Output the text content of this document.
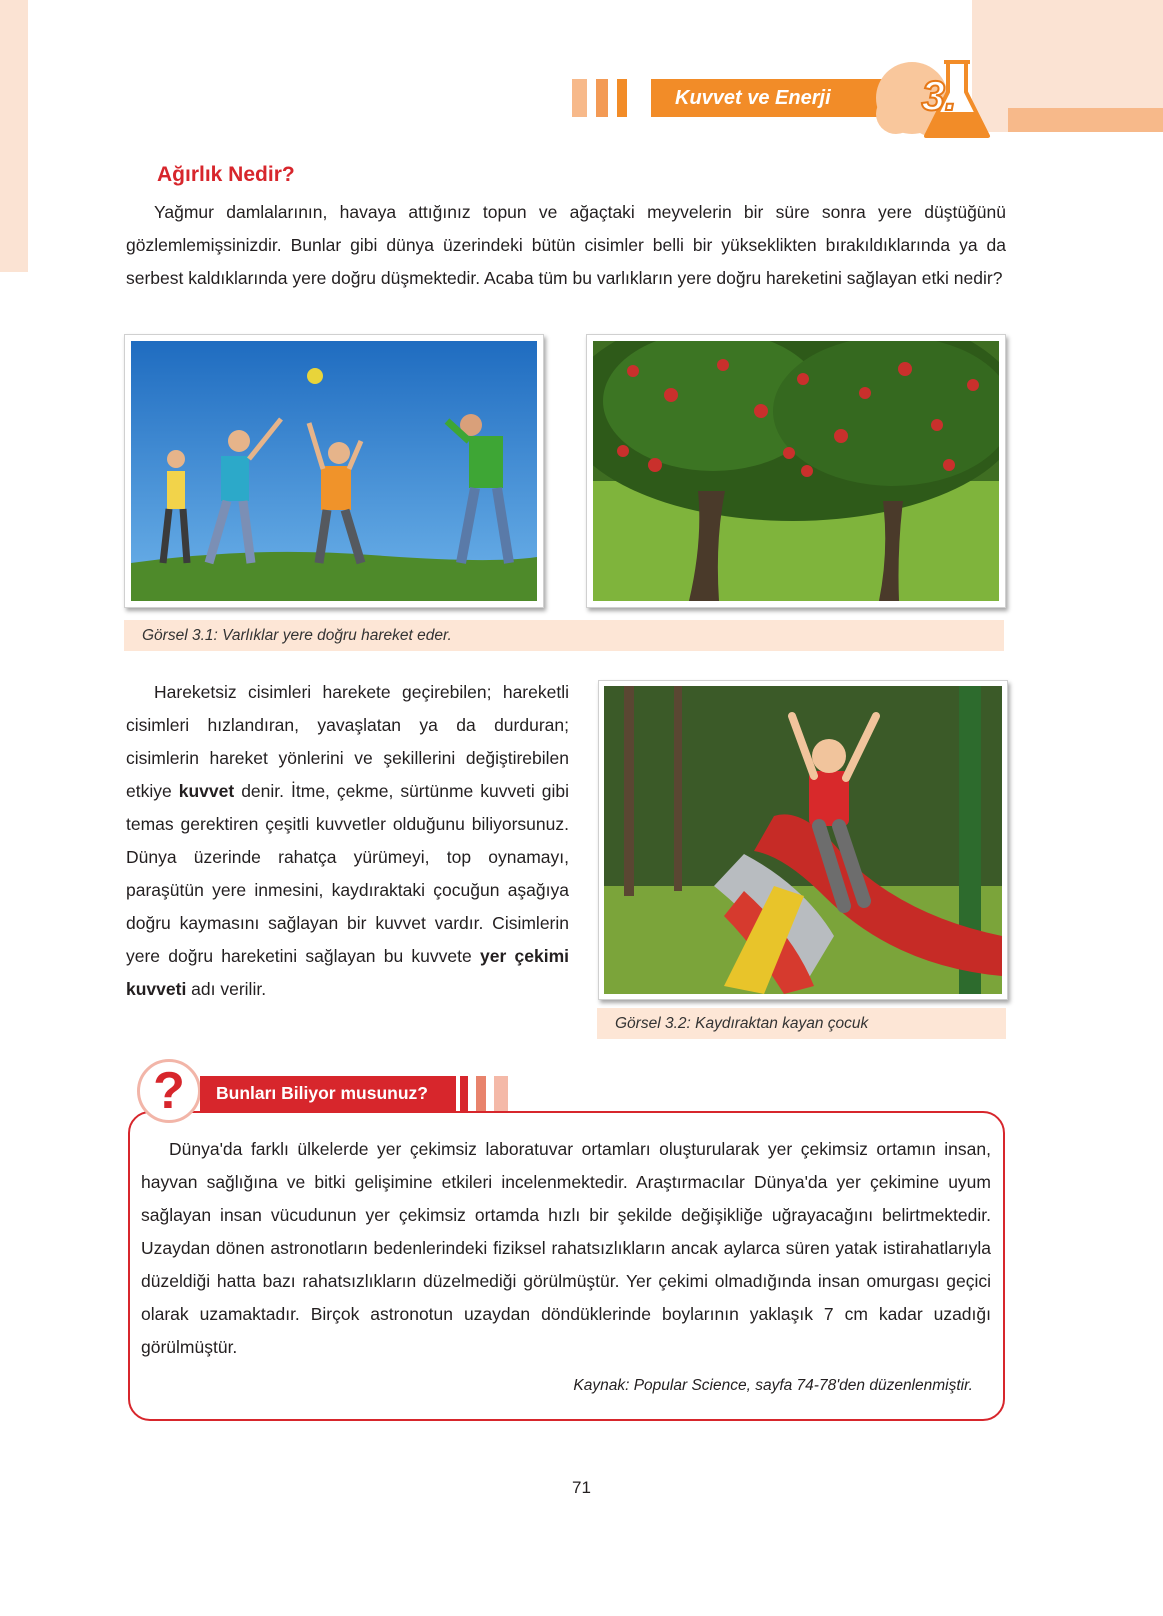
Kuvvet ve Enerji	3.
Ağırlık Nedir?

Yağmur damlalarının, havaya attığınız topun ve ağaçtaki meyvelerin bir süre sonra yere düştüğünü gözlemlemişsinizdir. Bunlar gibi dünya üzerindeki bütün cisimler belli bir yükseklikten bırakıldıklarında ya da serbest kaldıklarında yere doğru düşmektedir. Acaba tüm bu varlıkların yere doğru hareketini sağlayan etki nedir?

Görsel 3.1: Varlıklar yere doğru hareket eder.

Hareketsiz cisimleri harekete geçirebilen; hareketli cisimleri hızlandıran, yavaşlatan ya da durduran; cisimlerin hareket yönlerini ve şekillerini değiştirebilen etkiye kuvvet denir. İtme, çekme, sürtünme kuvveti gibi temas gerektiren çeşitli kuvvetler olduğunu biliyorsunuz. Dünya üzerinde rahatça yürümeyi, top oynamayı, paraşütün yere inmesini, kaydıraktaki çocuğun aşağıya doğru kaymasını sağlayan bir kuvvet vardır. Cisimlerin yere doğru hareketini sağlayan bu kuvvete yer çekimi kuvveti adı verilir.

Görsel 3.2: Kaydıraktan kayan çocuk
?	Bunları Biliyor musunuz?

Dünya'da farklı ülkelerde yer çekimsiz laboratuvar ortamları oluşturularak yer çekimsiz ortamın insan, hayvan sağlığına ve bitki gelişimine etkileri incelenmektedir. Araştırmacılar Dünya'da yer çekimine uyum sağlayan insan vücudunun yer çekimsiz ortamda hızlı bir şekilde değişikliğe uğrayacağını belirtmektedir. Uzaydan dönen astronotların bedenlerindeki fiziksel rahatsızlıkların ancak aylarca süren yatak istirahatlarıyla düzeldiği hatta bazı rahatsızlıkların düzelmediği görülmüştür. Yer çekimi olmadığında insan omurgası geçici olarak uzamaktadır. Birçok astronotun uzaydan döndüklerinde boylarının yaklaşık 7 cm kadar uzadığı görülmüştür.

Kaynak: Popular Science, sayfa 74-78'den düzenlenmiştir.
71
